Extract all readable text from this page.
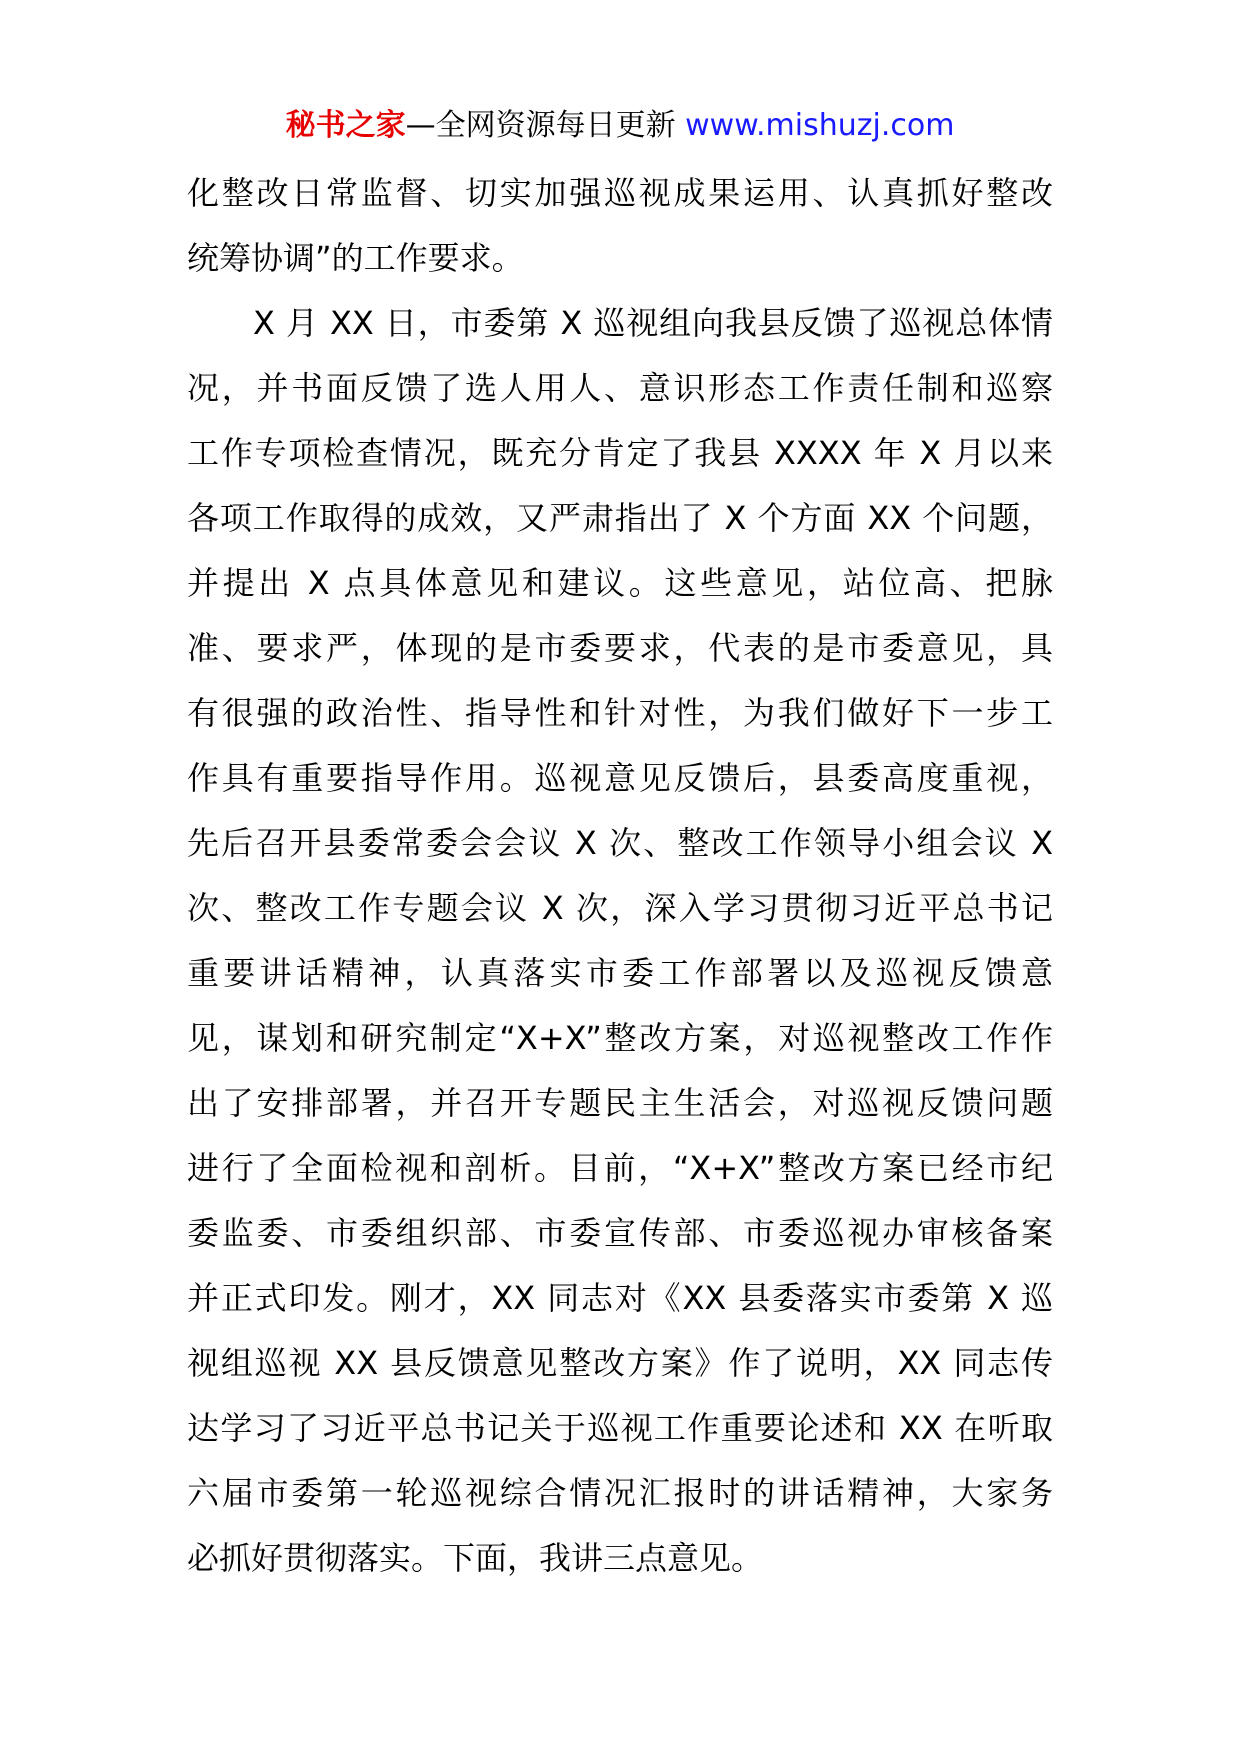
秘书之家—全网资源每日更新 www.mishuzj.com

化整改日常监督、切实加强巡视成果运用、认真抓好整改
统筹协调”的工作要求。

X 月 XX 日，市委第 X 巡视组向我县反馈了巡视总体情
况，并书面反馈了选人用人、意识形态工作责任制和巡察
工作专项检查情况，既充分肯定了我县 XXXX 年 X 月以来
各项工作取得的成效，又严肃指出了 X 个方面 XX 个问题，
并提出 X 点具体意见和建议。这些意见，站位高、把脉
准、要求严，体现的是市委要求，代表的是市委意见，具
有很强的政治性、指导性和针对性，为我们做好下一步工
作具有重要指导作用。巡视意见反馈后，县委高度重视，
先后召开县委常委会会议 X 次、整改工作领导小组会议 X
次、整改工作专题会议 X 次，深入学习贯彻习近平总书记
重要讲话精神，认真落实市委工作部署以及巡视反馈意
见，谋划和研究制定“X+X”整改方案，对巡视整改工作作
出了安排部署，并召开专题民主生活会，对巡视反馈问题
进行了全面检视和剖析。目前，“X+X”整改方案已经市纪
委监委、市委组织部、市委宣传部、市委巡视办审核备案
并正式印发。刚才，XX 同志对《XX 县委落实市委第 X 巡
视组巡视 XX 县反馈意见整改方案》作了说明，XX 同志传
达学习了习近平总书记关于巡视工作重要论述和 XX 在听取
六届市委第一轮巡视综合情况汇报时的讲话精神，大家务
必抓好贯彻落实。下面，我讲三点意见。
